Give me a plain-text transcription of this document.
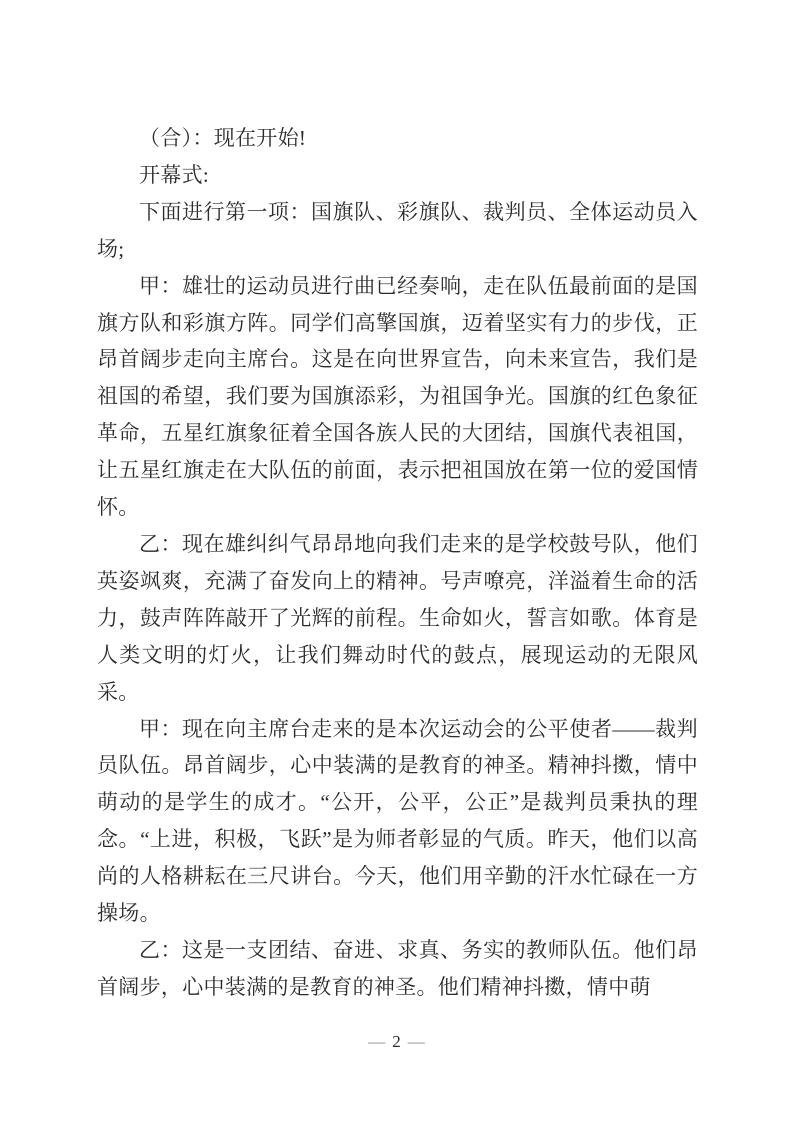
（合）：现在开始!

开幕式:

下面进行第一项：国旗队、彩旗队、裁判员、全体运动员入场;

甲：雄壮的运动员进行曲已经奏响，走在队伍最前面的是国旗方队和彩旗方阵。同学们高擎国旗，迈着坚实有力的步伐，正昂首阔步走向主席台。这是在向世界宣告，向未来宣告，我们是祖国的希望，我们要为国旗添彩，为祖国争光。国旗的红色象征革命，五星红旗象征着全国各族人民的大团结，国旗代表祖国，让五星红旗走在大队伍的前面，表示把祖国放在第一位的爱国情怀。

乙：现在雄纠纠气昂昂地向我们走来的是学校鼓号队，他们英姿飒爽，充满了奋发向上的精神。号声嘹亮，洋溢着生命的活力，鼓声阵阵敲开了光辉的前程。生命如火，誓言如歌。体育是人类文明的灯火，让我们舞动时代的鼓点，展现运动的无限风采。

甲：现在向主席台走来的是本次运动会的公平使者——裁判员队伍。昂首阔步，心中装满的是教育的神圣。精神抖擞，情中萌动的是学生的成才。“公开，公平，公正”是裁判员秉执的理念。“上进，积极，飞跃”是为师者彰显的气质。昨天，他们以高尚的人格耕耘在三尺讲台。今天，他们用辛勤的汗水忙碌在一方操场。

乙：这是一支团结、奋进、求真、务实的教师队伍。他们昂首阔步，心中装满的是教育的神圣。他们精神抖擞，情中萌

— 2 —
